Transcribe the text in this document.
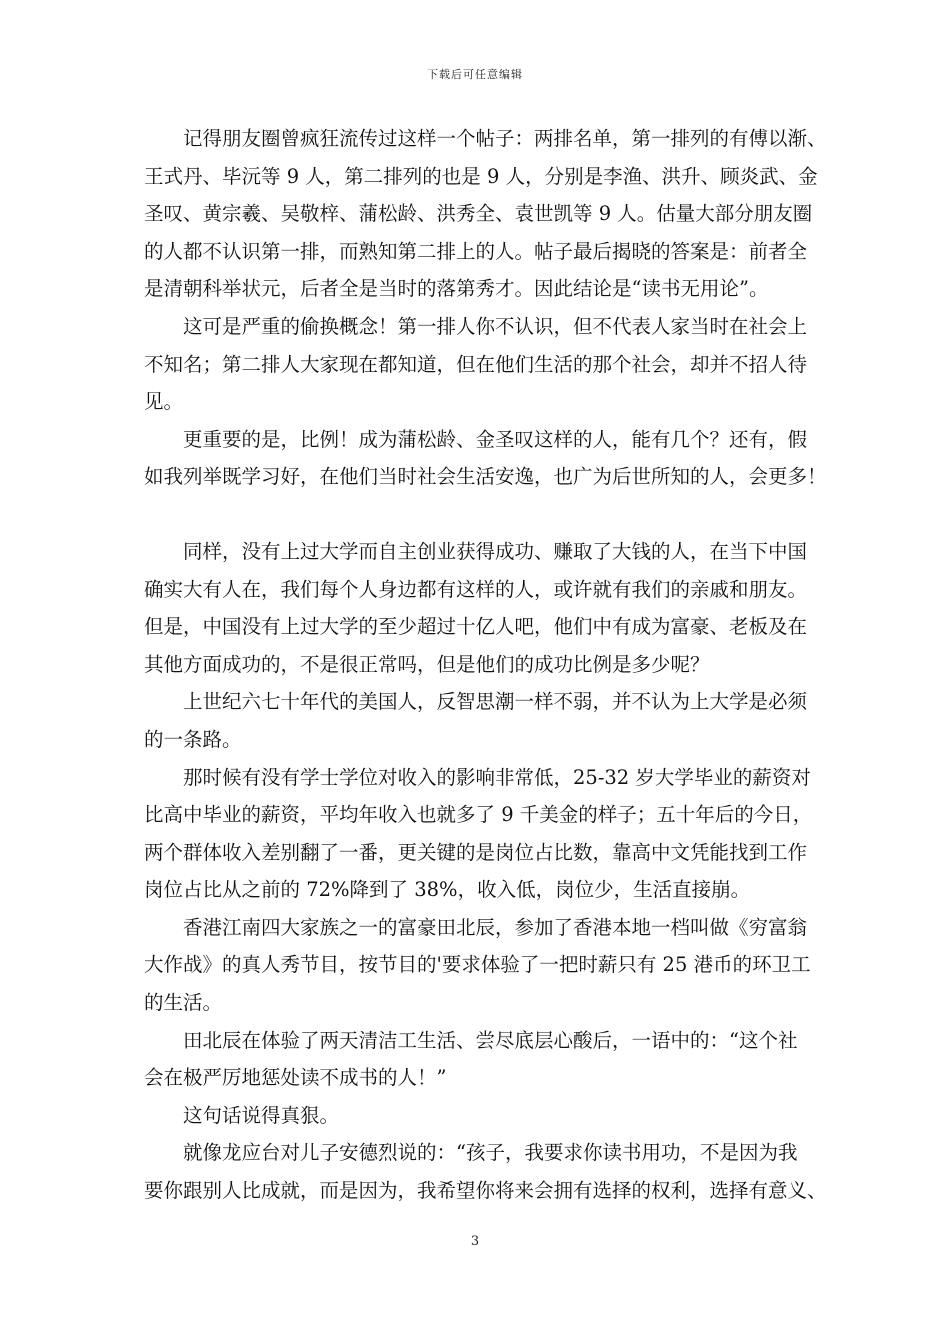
下载后可任意编辑

记得朋友圈曾疯狂流传过这样一个帖子：两排名单，第一排列的有傅以渐、
王式丹、毕沅等 9 人，第二排列的也是 9 人，分别是李渔、洪升、顾炎武、金
圣叹、黄宗羲、吴敬梓、蒲松龄、洪秀全、袁世凯等 9 人。估量大部分朋友圈
的人都不认识第一排，而熟知第二排上的人。帖子最后揭晓的答案是：前者全
是清朝科举状元，后者全是当时的落第秀才。因此结论是“读书无用论”。

这可是严重的偷换概念！第一排人你不认识，但不代表人家当时在社会上
不知名；第二排人大家现在都知道，但在他们生活的那个社会，却并不招人待
见。

更重要的是，比例！成为蒲松龄、金圣叹这样的人，能有几个？还有，假
如我列举既学习好，在他们当时社会生活安逸，也广为后世所知的人，会更多！

同样，没有上过大学而自主创业获得成功、赚取了大钱的人，在当下中国
确实大有人在，我们每个人身边都有这样的人，或许就有我们的亲戚和朋友。
但是，中国没有上过大学的至少超过十亿人吧，他们中有成为富豪、老板及在
其他方面成功的，不是很正常吗，但是他们的成功比例是多少呢？

上世纪六七十年代的美国人，反智思潮一样不弱，并不认为上大学是必须
的一条路。

那时候有没有学士学位对收入的影响非常低，25-32 岁大学毕业的薪资对
比高中毕业的薪资，平均年收入也就多了 9 千美金的样子；五十年后的今日，
两个群体收入差别翻了一番，更关键的是岗位占比数，靠高中文凭能找到工作
岗位占比从之前的 72%降到了 38%，收入低，岗位少，生活直接崩。

香港江南四大家族之一的富豪田北辰，参加了香港本地一档叫做《穷富翁
大作战》的真人秀节目，按节目的'要求体验了一把时薪只有 25 港币的环卫工
的生活。

田北辰在体验了两天清洁工生活、尝尽底层心酸后，一语中的：“这个社
会在极严厉地惩处读不成书的人！”

这句话说得真狠。

就像龙应台对儿子安德烈说的：“孩子，我要求你读书用功，不是因为我
要你跟别人比成就，而是因为，我希望你将来会拥有选择的权利，选择有意义、

3
